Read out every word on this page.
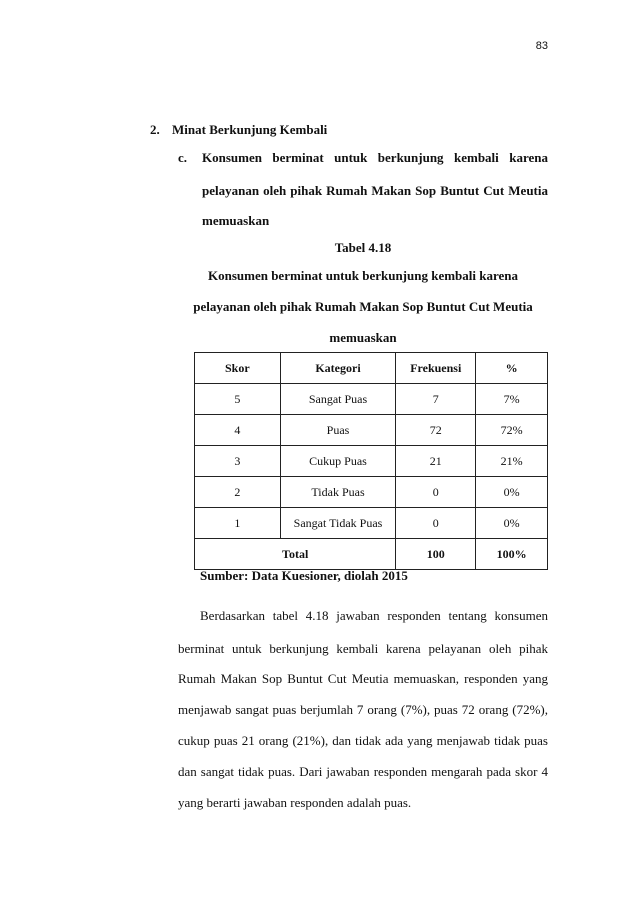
83
2. Minat Berkunjung Kembali
c. Konsumen berminat untuk berkunjung kembali karena
pelayanan oleh pihak Rumah Makan Sop Buntut Cut Meutia
memuaskan
Tabel 4.18
Konsumen berminat untuk berkunjung kembali karena
pelayanan oleh pihak Rumah Makan Sop Buntut Cut Meutia
memuaskan
Skor	Kategori	Frekuensi	%
5	Sangat Puas	7	7%
4	Puas	72	72%
3	Cukup Puas	21	21%
2	Tidak Puas	0	0%
1	Sangat Tidak Puas	0	0%
Total		100	100%
Sumber: Data Kuesioner, diolah 2015
Berdasarkan tabel 4.18 jawaban responden tentang konsumen
berminat untuk berkunjung kembali karena pelayanan oleh pihak
Rumah Makan Sop Buntut Cut Meutia memuaskan, responden yang
menjawab sangat puas berjumlah 7 orang (7%), puas 72 orang (72%),
cukup puas 21 orang (21%), dan tidak ada yang menjawab tidak puas
dan sangat tidak puas. Dari jawaban responden mengarah pada skor 4
yang berarti jawaban responden adalah puas.
